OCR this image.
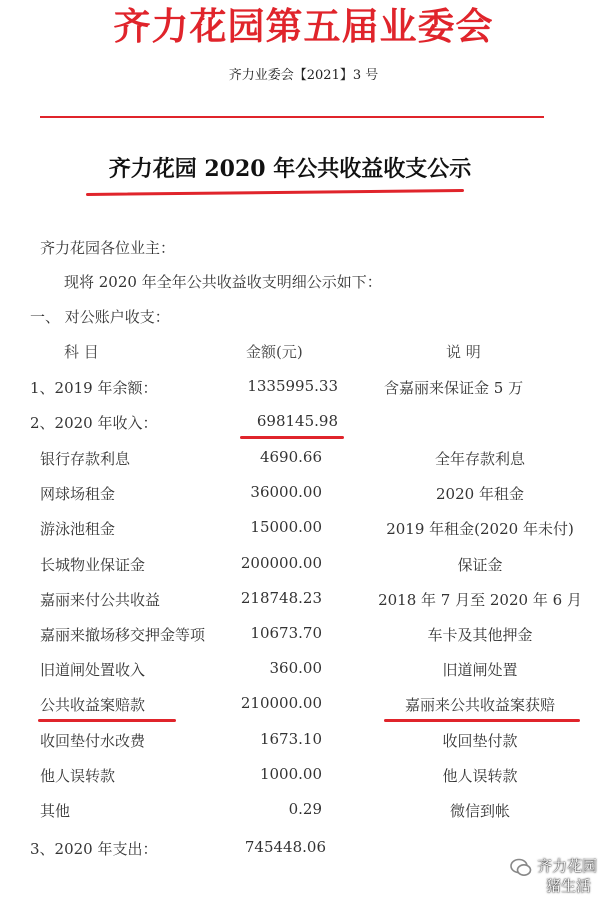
齐力花园第五届业委会
齐力业委会【2021】3 号
齐力花园 2020 年公共收益收支公示
齐力花园各位业主：
现将 2020 年全年公共收益收支明细公示如下：
一、 对公账户收支：
科 目	金额(元)	说 明
1、2019 年余额：	1335995.33	含嘉丽来保证金 5 万
2、2020 年收入：	698145.98
银行存款利息	4690.66	全年存款利息
网球场租金	36000.00	2020 年租金
游泳池租金	15000.00	2019 年租金(2020 年未付)
长城物业保证金	200000.00	保证金
嘉丽来付公共收益	218748.23	2018 年 7 月至 2020 年 6 月
嘉丽来撤场移交押金等项	10673.70	车卡及其他押金
旧道闸处置收入	360.00	旧道闸处置
公共收益案赔款	210000.00	嘉丽来公共收益案获赔
收回垫付水改费	1673.10	收回垫付款
他人误转款	1000.00	他人误转款
其他	0.29	微信到帐
3、2020 年支出：	745448.06
齐力花园
猪生活
